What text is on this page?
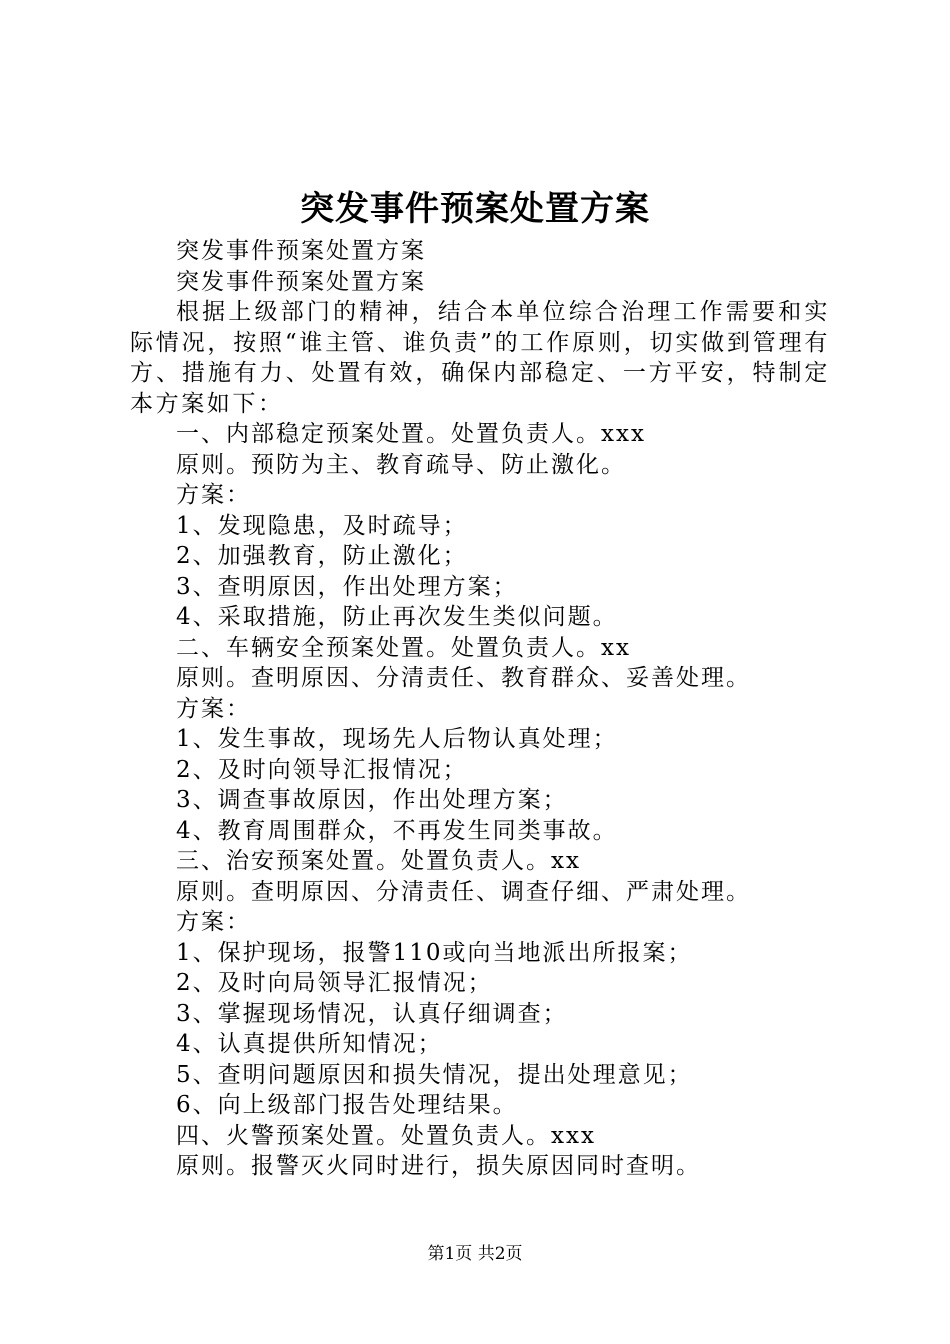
突发事件预案处置方案

突发事件预案处置方案

突发事件预案处置方案

根据上级部门的精神，结合本单位综合治理工作需要和实际情况，按照“谁主管、谁负责”的工作原则，切实做到管理有方、措施有力、处置有效，确保内部稳定、一方平安，特制定本方案如下：

一、内部稳定预案处置。处置负责人。xxx

原则。预防为主、教育疏导、防止激化。

方案：

1、发现隐患，及时疏导；

2、加强教育，防止激化；

3、查明原因，作出处理方案；

4、采取措施，防止再次发生类似问题。

二、车辆安全预案处置。处置负责人。xx

原则。查明原因、分清责任、教育群众、妥善处理。

方案：

1、发生事故，现场先人后物认真处理；

2、及时向领导汇报情况；

3、调查事故原因，作出处理方案；

4、教育周围群众，不再发生同类事故。

三、治安预案处置。处置负责人。xx

原则。查明原因、分清责任、调查仔细、严肃处理。

方案：

1、保护现场，报警110或向当地派出所报案；

2、及时向局领导汇报情况；

3、掌握现场情况，认真仔细调查；

4、认真提供所知情况；

5、查明问题原因和损失情况，提出处理意见；

6、向上级部门报告处理结果。

四、火警预案处置。处置负责人。xxx

原则。报警灭火同时进行，损失原因同时查明。

第1页 共2页
